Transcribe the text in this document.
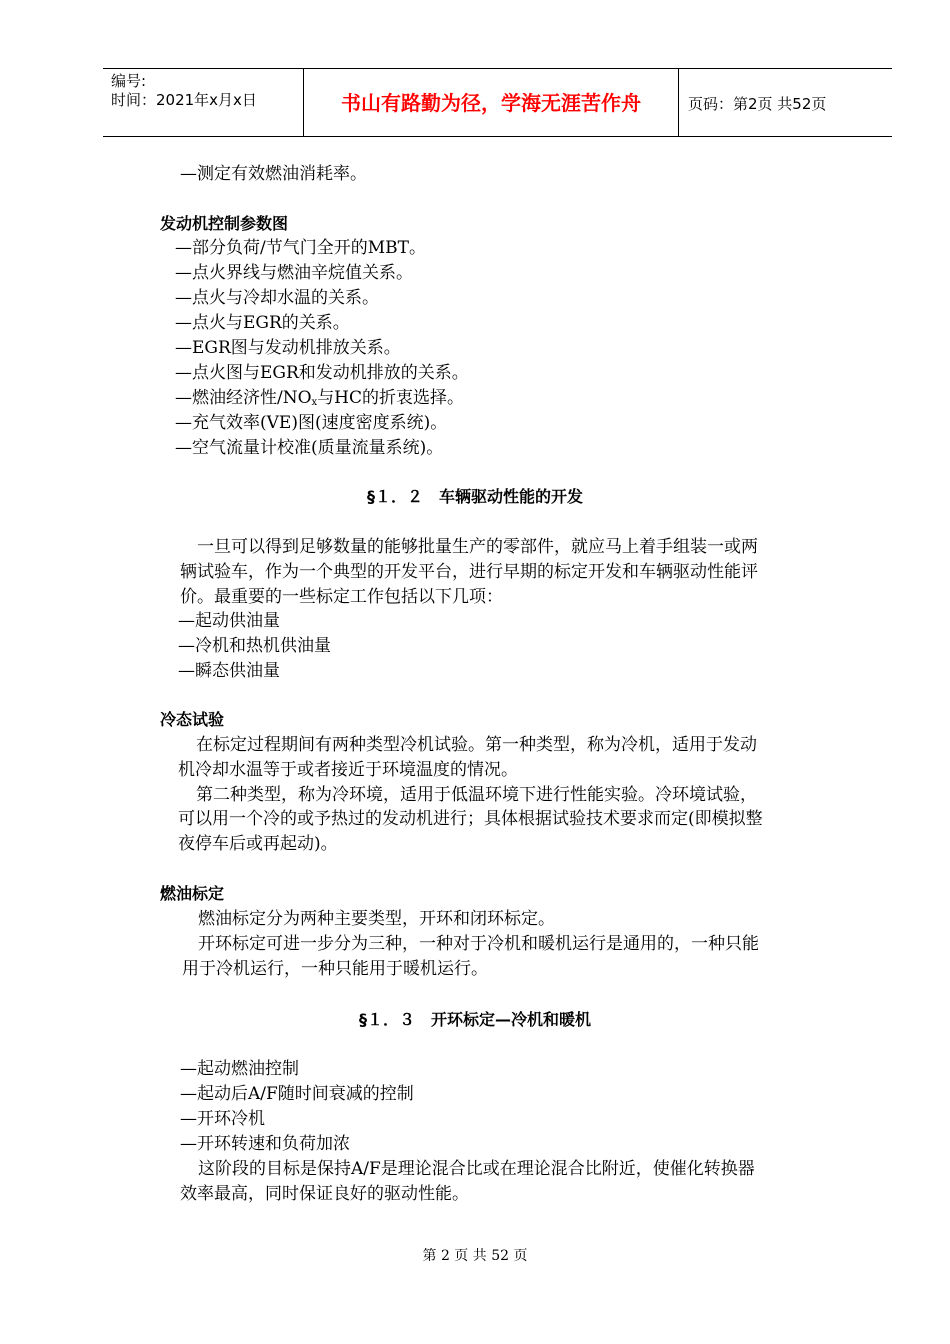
编号:
时间：2021年x月x日	书山有路勤为径，学海无涯苦作舟	页码：第2页 共52页
—测定有效燃油消耗率。
发动机控制参数图
—部分负荷/节气门全开的MBT。
—点火界线与燃油辛烷值关系。
—点火与冷却水温的关系。
—点火与EGR的关系。
—EGR图与发动机排放关系。
—点火图与EGR和发动机排放的关系。
—燃油经济性$/NO_x$与HC的折衷选择。
—充气效率(VE)图(速度密度系统)。
—空气流量计校准(质量流量系统)。
§１．２　车辆驱动性能的开发
　一旦可以得到足够数量的能够批量生产的零部件，就应马上着手组装一或两
辆试验车，作为一个典型的开发平台，进行早期的标定开发和车辆驱动性能评
价。最重要的一些标定工作包括以下几项：
—起动供油量
—冷机和热机供油量
—瞬态供油量
冷态试验
在标定过程期间有两种类型冷机试验。第一种类型，称为冷机，适用于发动
机冷却水温等于或者接近于环境温度的情况。
第二种类型，称为冷环境，适用于低温环境下进行性能实验。冷环境试验，
可以用一个冷的或予热过的发动机进行；具体根据试验技术要求而定(即模拟整
夜停车后或再起动)。
燃油标定
燃油标定分为两种主要类型，开环和闭环标定。
开环标定可进一步分为三种，一种对于冷机和暖机运行是通用的，一种只能
用于冷机运行，一种只能用于暖机运行。
§１．３　开环标定—冷机和暖机
—起动燃油控制
—起动后A/F随时间衰减的控制
—开环冷机
—开环转速和负荷加浓
这阶段的目标是保持A/F是理论混合比或在理论混合比附近，使催化转换器
效率最高，同时保证良好的驱动性能。
第 2 页 共 52 页
